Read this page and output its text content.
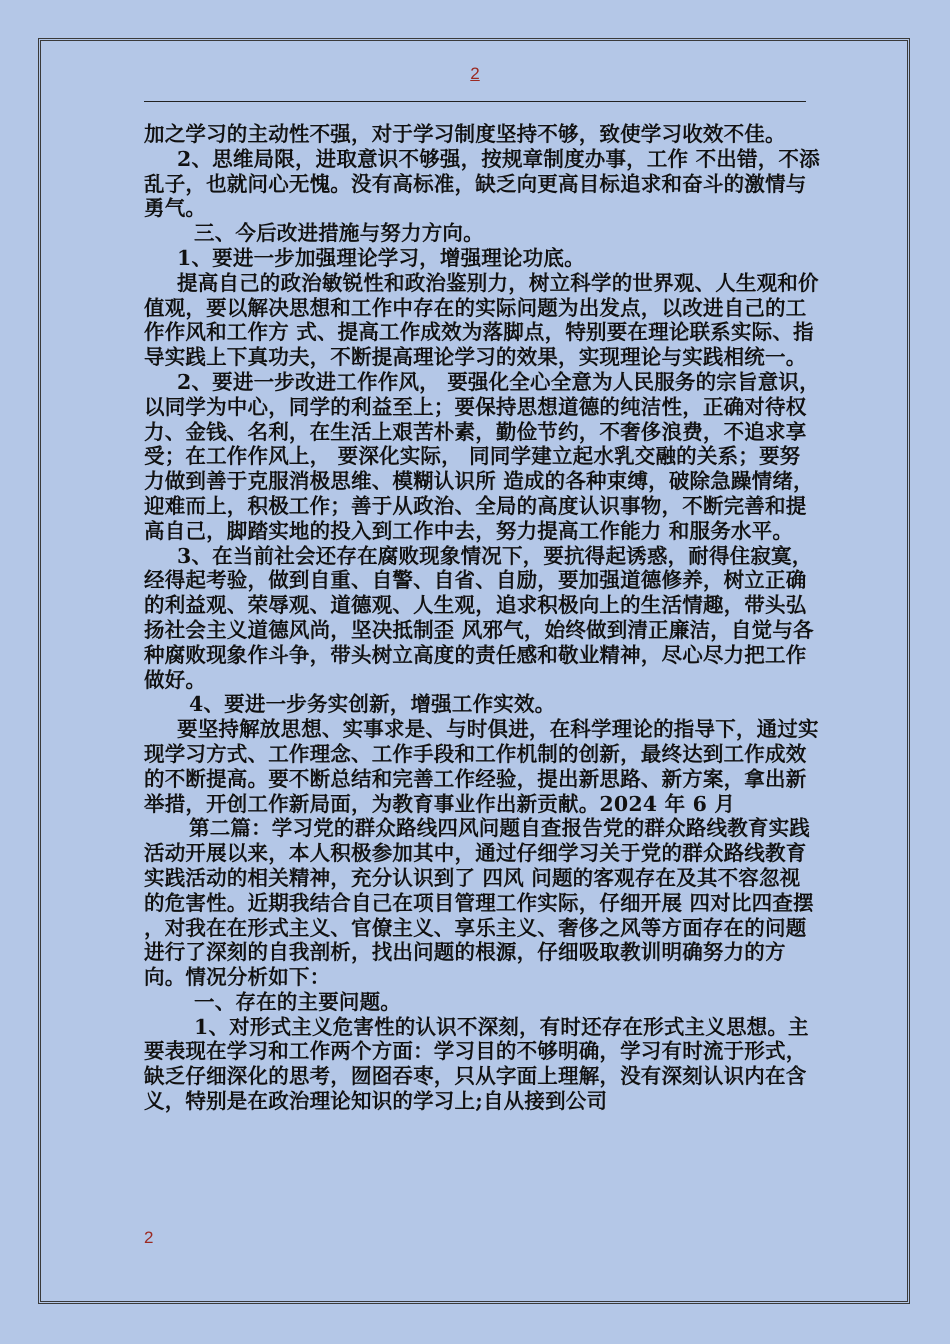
2

加之学习的主动性不强，对于学习制度坚持不够，致使学习收效不佳。

2、思维局限，进取意识不够强，按规章制度办事，工作 不出错，不添乱子，也就问心无愧。没有高标准，缺乏向更高目标追求和奋斗的激情与勇气。

三、今后改进措施与努力方向。

1、要进一步加强理论学习，增强理论功底。

提高自己的政治敏锐性和政治鉴别力，树立科学的世界观、人生观和价值观，要以解决思想和工作中存在的实际问题为出发点，以改进自己的工作作风和工作方 式、提高工作成效为落脚点，特别要在理论联系实际、指导实践上下真功夫，不断提高理论学习的效果，实现理论与实践相统一。

2、要进一步改进工作作风， 要强化全心全意为人民服务的宗旨意识，以同学为中心，同学的利益至上；要保持思想道德的纯洁性，正确对待权力、金钱、名利，在生活上艰苦朴素，勤俭节约，不奢侈浪费，不追求享受；在工作作风上， 要深化实际， 同同学建立起水乳交融的关系；要努力做到善于克服消极思维、模糊认识所 造成的各种束缚，破除急躁情绪，迎难而上，积极工作；善于从政治、全局的高度认识事物，不断完善和提高自己，脚踏实地的投入到工作中去，努力提高工作能力 和服务水平。

3、在当前社会还存在腐败现象情况下，要抗得起诱惑，耐得住寂寞，经得起考验，做到自重、自警、自省、自励，要加强道德修养，树立正确的利益观、荣辱观、道德观、人生观，追求积极向上的生活情趣，带头弘扬社会主义道德风尚，坚决抵制歪 风邪气，始终做到清正廉洁，自觉与各种腐败现象作斗争，带头树立高度的责任感和敬业精神，尽心尽力把工作做好。

4、要进一步务实创新，增强工作实效。

要坚持解放思想、实事求是、与时俱进，在科学理论的指导下，通过实现学习方式、工作理念、工作手段和工作机制的创新，最终达到工作成效的不断提高。要不断总结和完善工作经验，提出新思路、新方案，拿出新举措，开创工作新局面，为教育事业作出新贡献。2024 年 6 月

第二篇：学习党的群众路线四风问题自查报告党的群众路线教育实践活动开展以来，本人积极参加其中，通过仔细学习关于党的群众路线教育实践活动的相关精神，充分认识到了 四风 问题的客观存在及其不容忽视的危害性。近期我结合自己在项目管理工作实际，仔细开展 四对比四查摆 ，对我在在形式主义、官僚主义、享乐主义、奢侈之风等方面存在的问题进行了深刻的自我剖析，找出问题的根源，仔细吸取教训明确努力的方向。情况分析如下：

一、存在的主要问题。

1、对形式主义危害性的认识不深刻，有时还存在形式主义思想。主要表现在学习和工作两个方面：学习目的不够明确，学习有时流于形式，缺乏仔细深化的思考，囫囵吞枣，只从字面上理解，没有深刻认识内在含义，特别是在政治理论知识的学习上;自从接到公司

2
